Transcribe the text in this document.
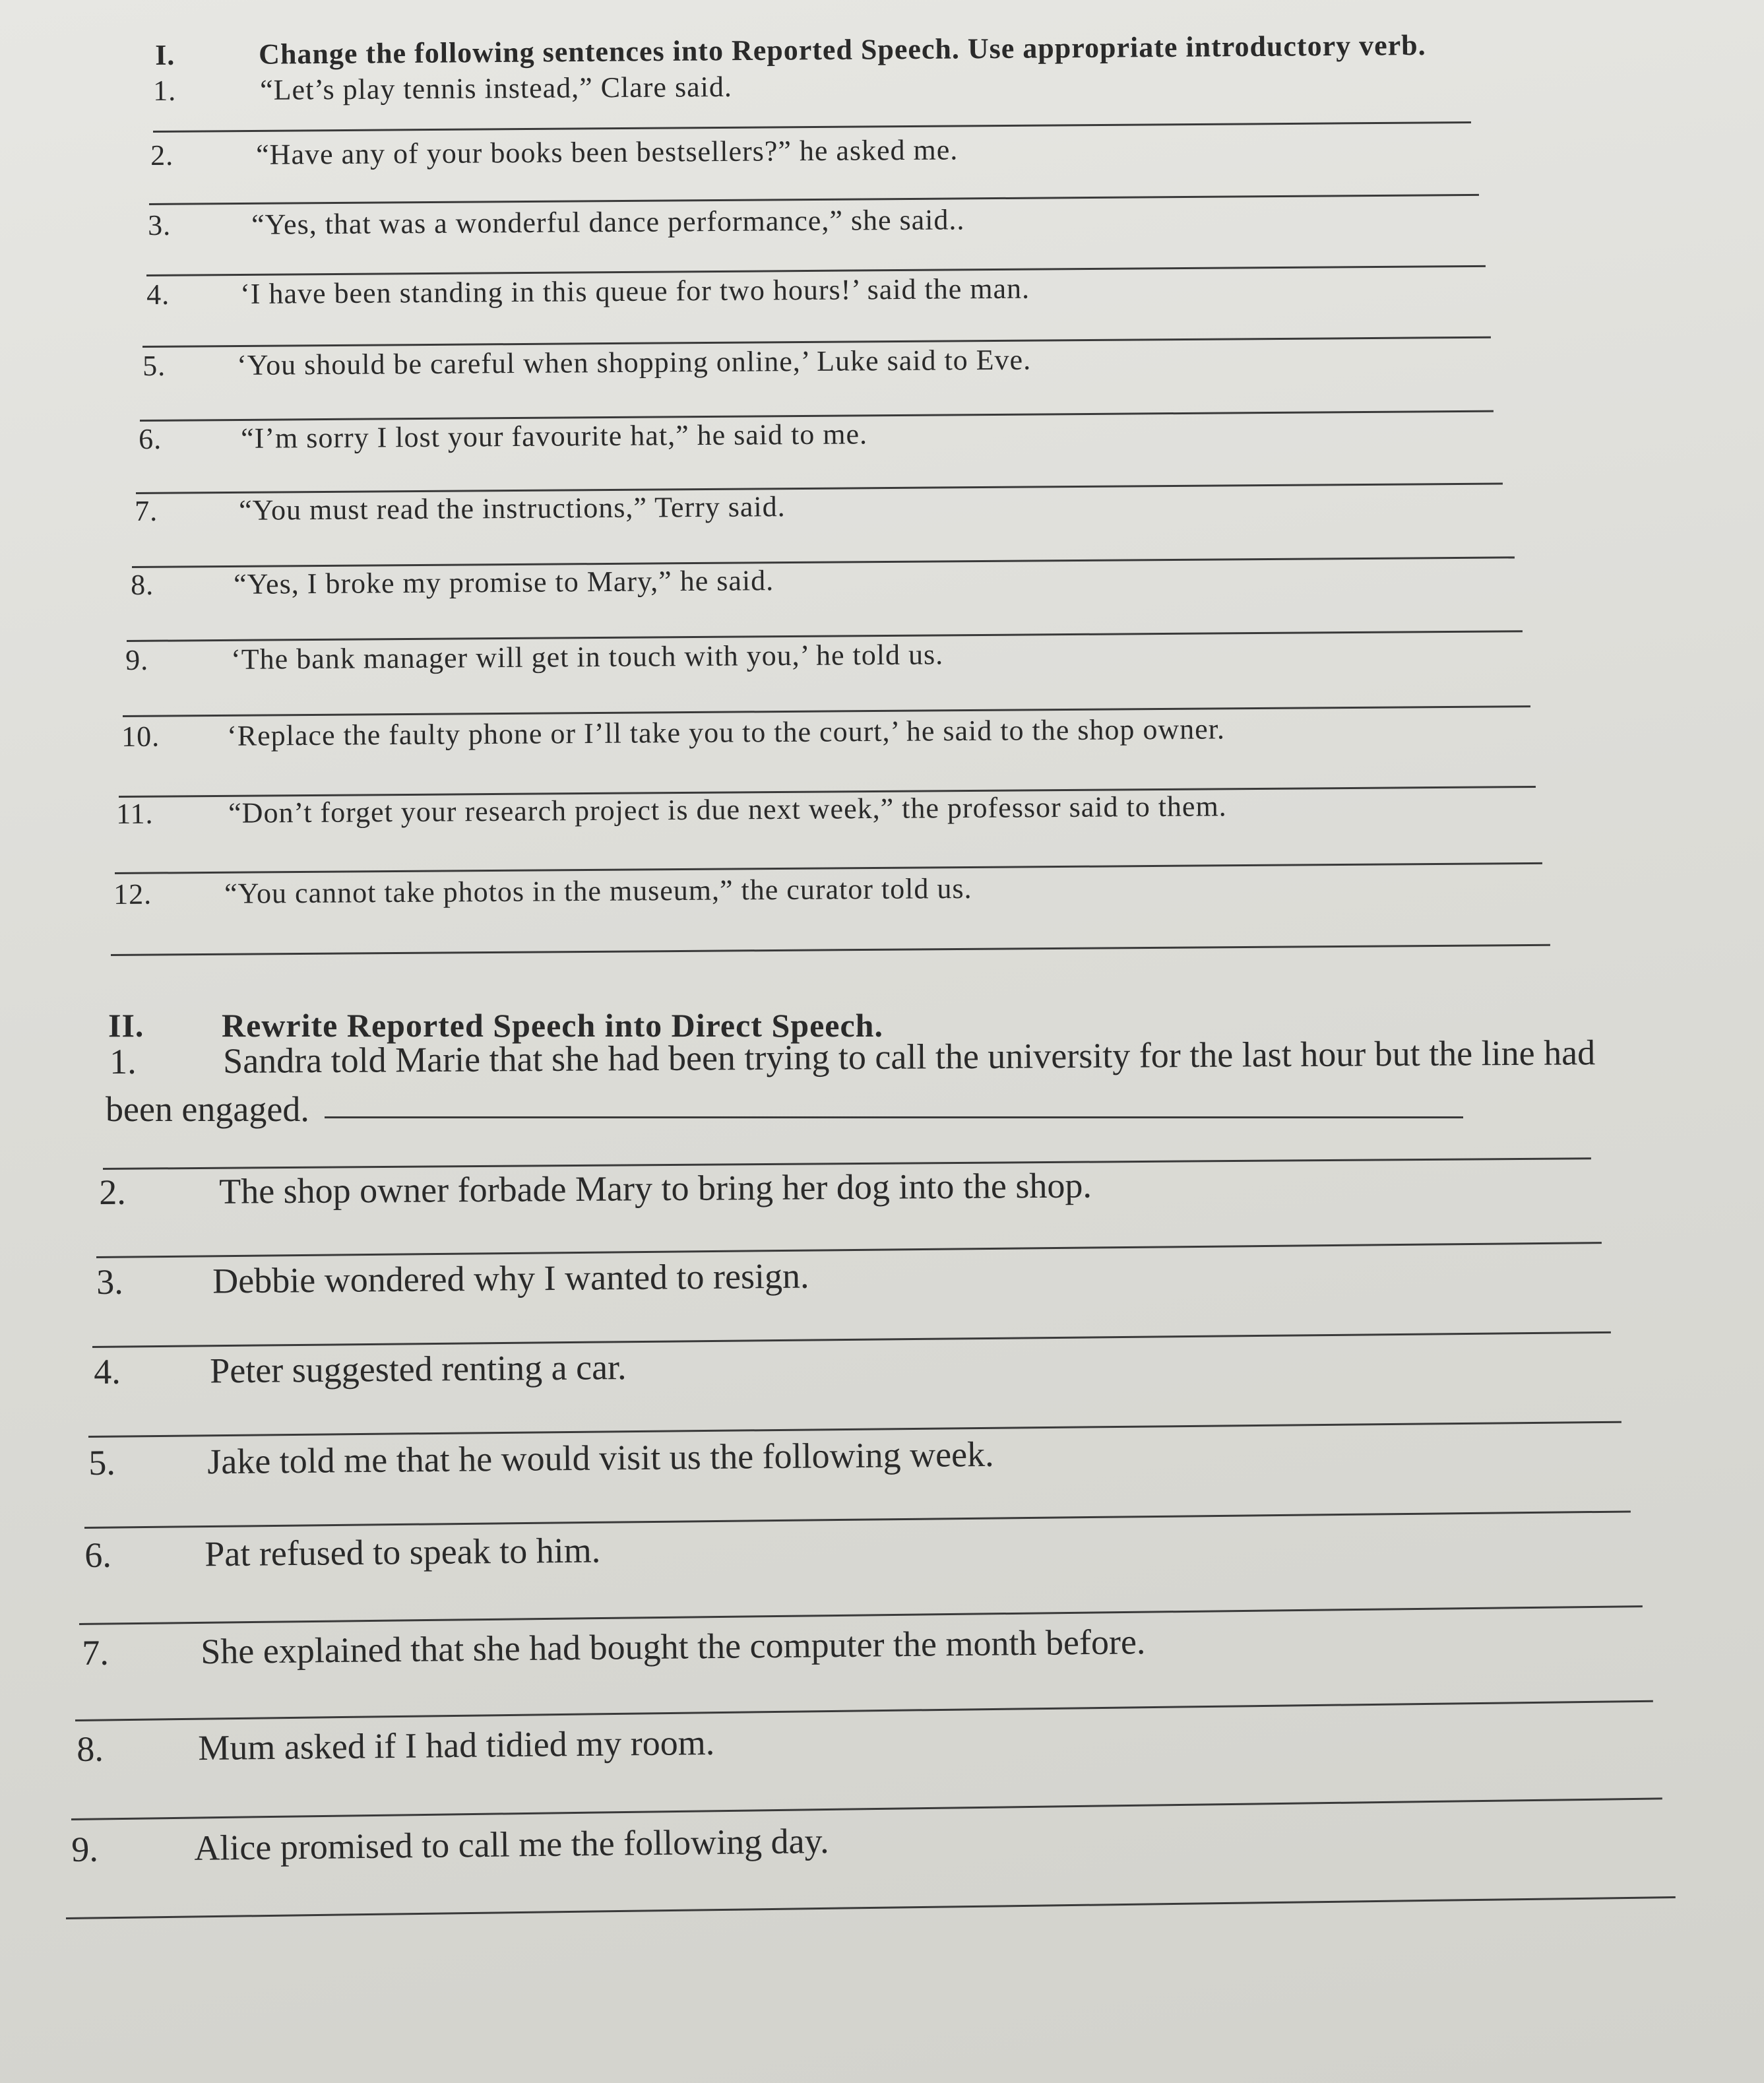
I.	Change the following sentences into Reported Speech. Use appropriate introductory verb.
1.	“Let’s play tennis instead,” Clare said.
2.	“Have any of your books been bestsellers?” he asked me.
3.	“Yes, that was a wonderful dance performance,” she said..
4. ‘I have been standing in this queue for two hours!’ said the man.
5. ‘You should be careful when shopping online,’ Luke said to Eve.
6.	“I’m sorry I lost your favourite hat,” he said to me.
7.	“You must read the instructions,” Terry said.
8.	“Yes, I broke my promise to Mary,” he said.
9.	‘The bank manager will get in touch with you,’ he told us.
10. ‘Replace the faulty phone or I’ll take you to the court,’ he said to the shop owner.
11.	“Don’t forget your research project is due next week,” the professor said to them.
12. “You cannot take photos in the museum,” the curator told us.
II. Rewrite Reported Speech into Direct Speech.
1. Sandra told Marie that she had been trying to call the university for the last hour but the line had
been engaged.
2.	The shop owner forbade Mary to bring her dog into the shop.
3. Debbie wondered why I wanted to resign.
4. Peter suggested renting a car.
5.	Jake told me that he would visit us the following week.
6.	Pat refused to speak to him.
7.	She explained that she had bought the computer the month before.
8.	Mum asked if I had tidied my room.
9.	Alice promised to call me the following day.
